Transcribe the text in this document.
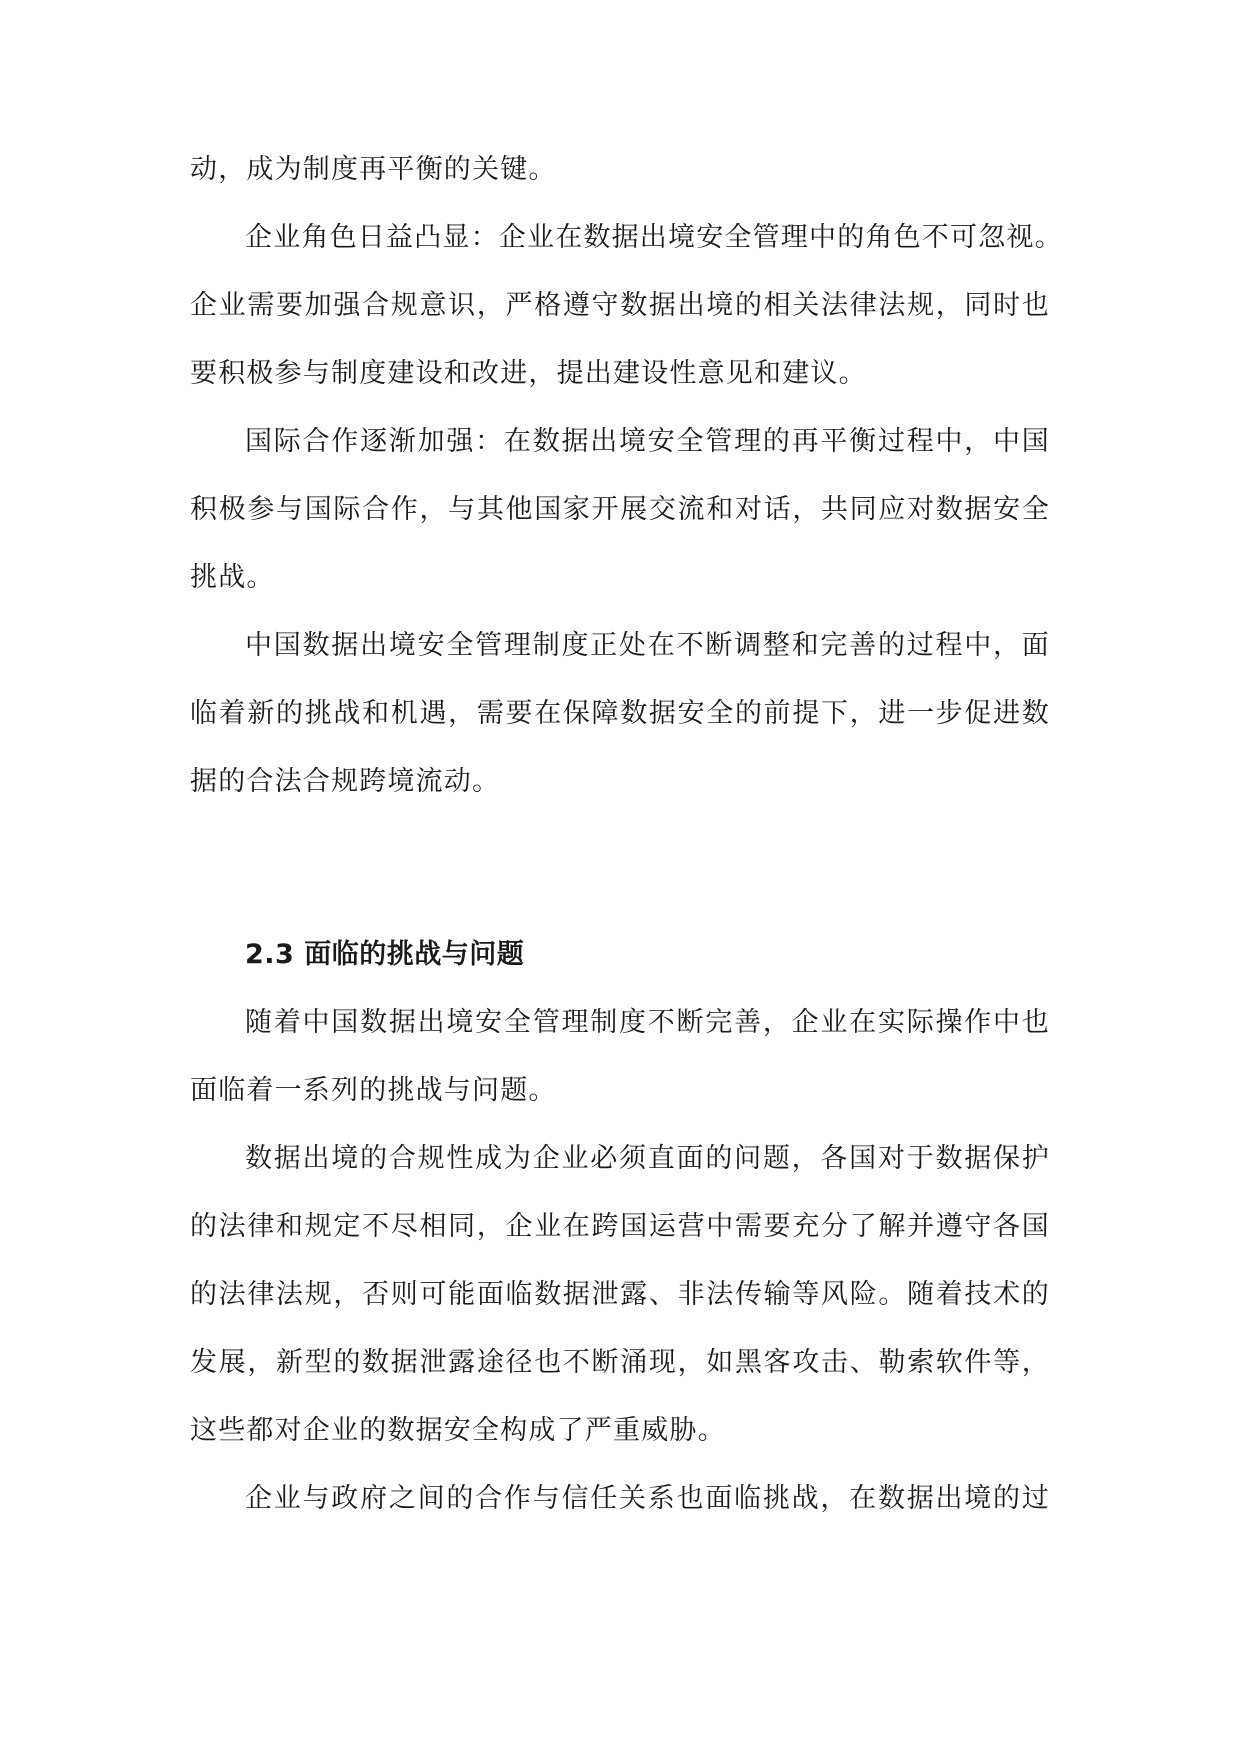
动，成为制度再平衡的关键。
企业角色日益凸显：企业在数据出境安全管理中的角色不可忽视。
企业需要加强合规意识，严格遵守数据出境的相关法律法规，同时也
要积极参与制度建设和改进，提出建设性意见和建议。
国际合作逐渐加强：在数据出境安全管理的再平衡过程中，中国
积极参与国际合作，与其他国家开展交流和对话，共同应对数据安全
挑战。
中国数据出境安全管理制度正处在不断调整和完善的过程中，面
临着新的挑战和机遇，需要在保障数据安全的前提下，进一步促进数
据的合法合规跨境流动。
2.3 面临的挑战与问题
随着中国数据出境安全管理制度不断完善，企业在实际操作中也
面临着一系列的挑战与问题。
数据出境的合规性成为企业必须直面的问题，各国对于数据保护
的法律和规定不尽相同，企业在跨国运营中需要充分了解并遵守各国
的法律法规，否则可能面临数据泄露、非法传输等风险。随着技术的
发展，新型的数据泄露途径也不断涌现，如黑客攻击、勒索软件等，
这些都对企业的数据安全构成了严重威胁。
企业与政府之间的合作与信任关系也面临挑战，在数据出境的过
